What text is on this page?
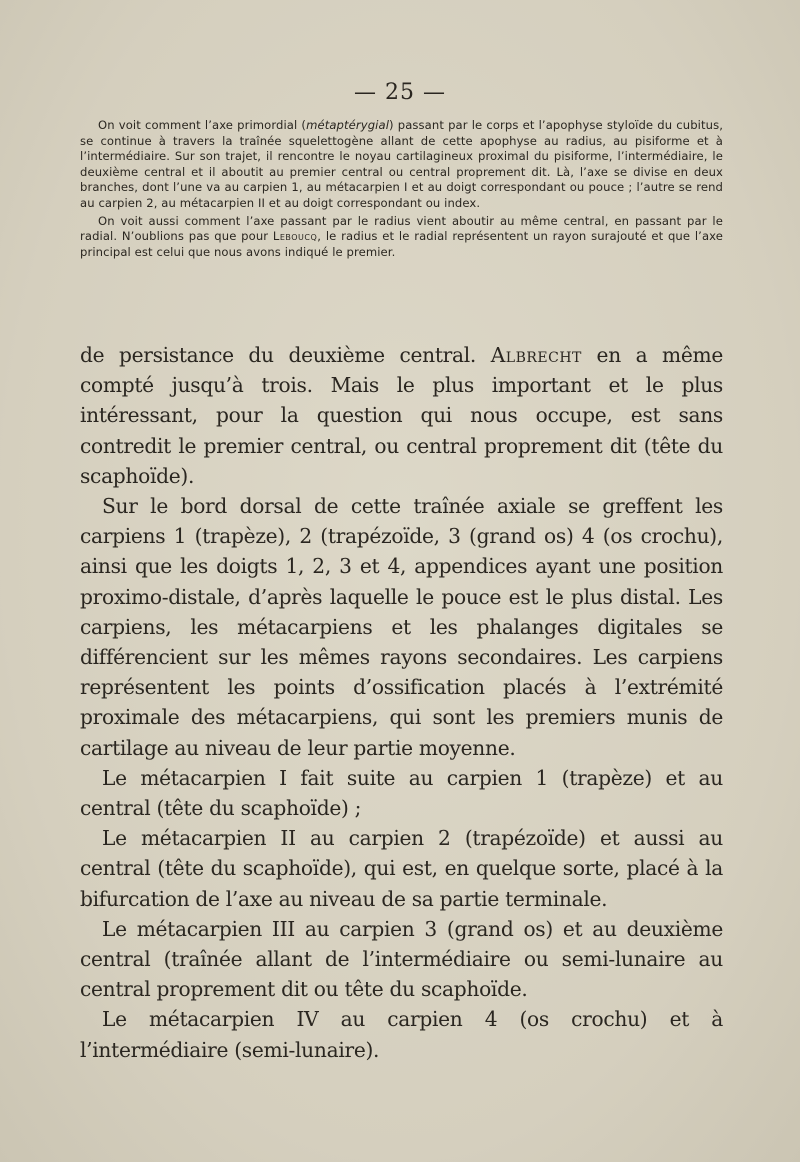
— 25 —

On voit comment l’axe primordial (métaptérygial) passant par le corps et l’apophyse styloïde du cubitus, se continue à travers la traînée squelettogène allant de cette apophyse au radius, au pisiforme et à l’intermédiaire. Sur son trajet, il rencontre le noyau cartilagineux proximal du pisiforme, l’intermédiaire, le deuxième central et il aboutit au premier central ou central proprement dit. Là, l’axe se divise en deux branches, dont l’une va au carpien 1, au métacarpien I et au doigt correspondant ou pouce ; l’autre se rend au carpien 2, au métacarpien II et au doigt correspondant ou index.

On voit aussi comment l’axe passant par le radius vient aboutir au même central, en passant par le radial. N’oublions pas que pour Leboucq, le radius et le radial représentent un rayon surajouté et que l’axe principal est celui que nous avons indiqué le premier.

de persistance du deuxième central. Albrecht en a même compté jusqu’à trois. Mais le plus important et le plus intéressant, pour la question qui nous occupe, est sans contredit le premier central, ou central proprement dit (tête du scaphoïde).

Sur le bord dorsal de cette traînée axiale se greffent les carpiens 1 (trapèze), 2 (trapézoïde, 3 (grand os) 4 (os crochu), ainsi que les doigts 1, 2, 3 et 4, appendices ayant une position proximo-distale, d’après laquelle le pouce est le plus distal. Les carpiens, les métacarpiens et les phalanges digitales se différencient sur les mêmes rayons secondaires. Les carpiens représentent les points d’ossification placés à l’extrémité proximale des métacarpiens, qui sont les premiers munis de cartilage au niveau de leur partie moyenne.

Le métacarpien I fait suite au carpien 1 (trapèze) et au central (tête du scaphoïde) ;

Le métacarpien II au carpien 2 (trapézoïde) et aussi au central (tête du scaphoïde), qui est, en quelque sorte, placé à la bifurcation de l’axe au niveau de sa partie terminale.

Le métacarpien III au carpien 3 (grand os) et au deuxième central (traînée allant de l’intermédiaire ou semi-lunaire au central proprement dit ou tête du scaphoïde.

Le métacarpien IV au carpien 4 (os crochu) et à l’intermédiaire (semi-lunaire).
